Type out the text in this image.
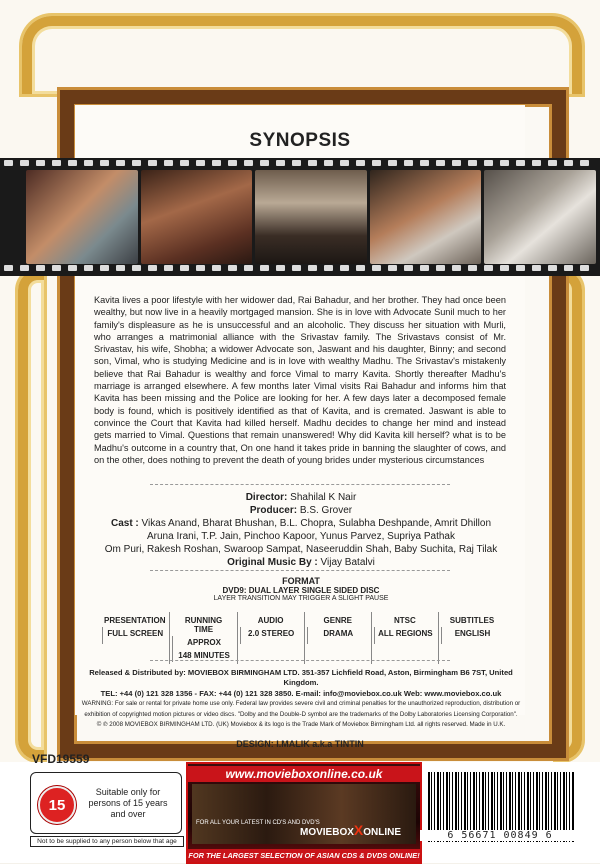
SYNOPSIS
Kavita lives a poor lifestyle with her widower dad, Rai Bahadur, and her brother. They had once been wealthy, but now live in a heavily mortgaged mansion. She is in love with Advocate Sunil much to her family's displeasure as he is unsuccessful and an alcoholic. They discuss her situation with Murli, who arranges a matrimonial alliance with the Srivastav family. The Srivastavs consist of Mr. Srivastav, his wife, Shobha; a widower Advocate son, Jaswant and his daughter, Binny; and second son, Vimal, who is studying Medicine and is in love with wealthy Madhu. The Srivastav's mistakenly believe that Rai Bahadur is wealthy and force Vimal to marry Kavita. Shortly thereafter Madhu's marriage is arranged elsewhere. A few months later Vimal visits Rai Bahadur and informs him that Kavita has been missing and the Police are looking for her. A few days later a decomposed female body is found, which is positively identified as that of Kavita, and is cremated. Jaswant is able to convince the Court that Kavita had killed herself. Madhu decides to change her mind and instead gets married to Vimal. Questions that remain unanswered! Why did Kavita kill herself? what is to be Madhu's outcome in a country that, On one hand it takes pride in banning the slaughter of cows, and on the other, does nothing to prevent the death of young brides under mysterious circumstances
Director: Shahilal K Nair
Producer: B.S. Grover
Cast : Vikas Anand, Bharat Bhushan, B.L. Chopra, Sulabha Deshpande, Amrit Dhillon
Aruna Irani, T.P. Jain, Pinchoo Kapoor, Yunus Parvez, Supriya Pathak
Om Puri, Rakesh Roshan, Swaroop Sampat, Naseeruddin Shah, Baby Suchita, Raj Tilak
Original Music By : Vijay Batalvi
FORMAT
DVD9: DUAL LAYER SINGLE SIDED DISC
LAYER TRANSITION MAY TRIGGER A SLIGHT PAUSE
PRESENTATION
FULL SCREEN
RUNNING TIME
APPROX
148 MINUTES
AUDIO
2.0 STEREO
GENRE
DRAMA
NTSC
ALL REGIONS
SUBTITLES
ENGLISH
Released & Distributed by: MOVIEBOX BIRMINGHAM LTD. 351-357 Lichfield Road, Aston, Birmingham B6 7ST, United Kingdom.
TEL: +44 (0) 121 328 1356 - FAX: +44 (0) 121 328 3850. E-mail: info@moviebox.co.uk Web: www.moviebox.co.uk
WARNING: For sale or rental for private home use only. Federal law provides severe civil and criminal penalties for the unauthorized reproduction, distribution or exhibition of copyrighted motion pictures or video discs. "Dolby and the Double-D symbol are the trademarks of the Dolby Laboratories Licensing Corporation".
© ℗ 2008 MOVIEBOX BIRMINGHAM LTD. (UK) Moviebox & its logo is the Trade Mark of Moviebox Birmingham Ltd. all rights reserved. Made in U.K.
DESIGN: I.MALIK a.k.a TINTIN
VFD19559
15
Suitable only for persons of 15 years and over
Not to be supplied to any person below that age
www.movieboxonline.co.uk
FOR ALL YOUR LATEST IN CD'S AND DVD'S
MOVIEBOXXONLINE
FOR THE LARGEST SELECTION OF ASIAN CDS & DVDS ONLINE!
6 56671 00849 6
